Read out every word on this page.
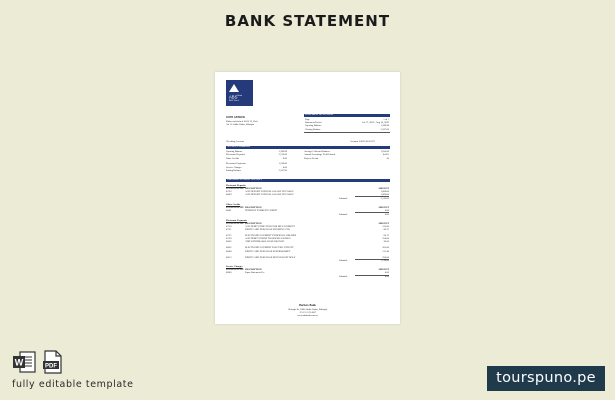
BANK STATEMENT
$ABS^{Bank}$
ABS Bank
JOHN GEEKER
Kirkos sub-kebele 08 W 12, Bole
Ab 15 Addis Ababa, Ethiopia
STATEMENT OF ACCOUNT
Page	1 of 1
Statement Period	Jul 17, 2022 - Aug 16, 2022
Opening Balance	1,188.98
Closing Balance	2,107.00
Checking Account	Account # 0023 0156 627
ACCOUNT SUMMARY
Opening Balance	1,188.98
Electronic Deposits	2,136.00
Other Credits	0.00
Electronic Payments	1,218.00
Service Charges	0.00
Ending Balance	2,107.00
Average Collected Balance	1,650.00
Annual Percentage Yield Earned	0.00%
Days in Period	30
CHECKING ACCOUNT ACTIVITY
Electronic Deposits
POSTING DATE DESCRIPTION	AMOUNT
07/26	ACH DEPOSIT PAYROLL SALARY ID 1234567	1,068.00
08/09	ACH DEPOSIT PAYROLL SALARY ID 1234567	1,068.00
Subtotal:	2,136.00
Other Credits
POSTING DATE DESCRIPTION	AMOUNT
08/01	INTEREST PAYMENT CREDIT	0.00
Subtotal:	0.00
Electronic Payments
POSTING DATE DESCRIPTION	AMOUNT
07/18	ACH DEBIT ETHIO TELECOM BILL PAYMENT	125.00
07/21	DEBIT CARD PURCHASE SHOPPING CTR	86.37
07/25	ELECTRONIC PAYMENT ETHIOPIAN AIRLINES	64.17
07/28	ACH DEBIT ONLINE TRANSFER SAVINGS	250.00
08/02	ATM WITHDRAWAL BOLE BRANCH	20.00
08/05	ELECTRONIC PAYMENT ELECTRIC UTILITY	205.00
08/08	DEBIT CARD PURCHASE SUPERMARKET	211.46
08/12	DEBIT CARD PURCHASE RESTAURANT BOLE	256.00
Subtotal:	1,218.00
Service Charges
POSTING DATE DESCRIPTION	AMOUNT
08/08	Paper Statement Fee	0.00
Subtotal:	0.00
Barbers Bank
Ghiorgis St, 1000 Addis Ababa, Ethiopia
+251 11 123 4567
www.absbank.com.et
W	PDF
fully editable template	tourspuno.pe
